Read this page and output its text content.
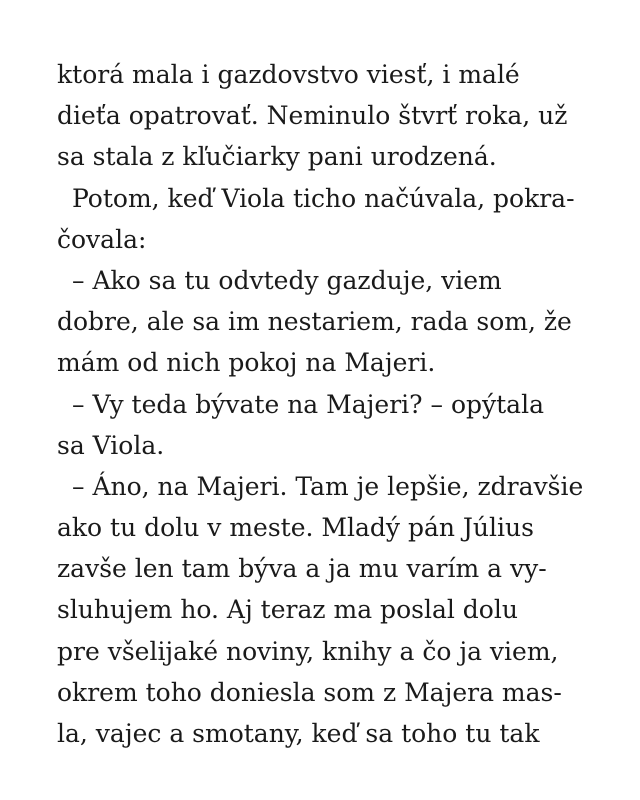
ktorá mala i gazdovstvo viesť, i malé
dieťa opatrovať. Neminulo štvrť roka, už
sa stala z kľučiarky pani urodzená.
Potom, keď Viola ticho načúvala, pokra-
čovala:
– Ako sa tu odvtedy gazduje, viem
dobre, ale sa im nestariem, rada som, že
mám od nich pokoj na Majeri.
– Vy teda bývate na Majeri? – opýtala
sa Viola.
– Áno, na Majeri. Tam je lepšie, zdravšie
ako tu dolu v meste. Mladý pán Július
zavše len tam býva a ja mu varím a vy-
sluhujem ho. Aj teraz ma poslal dolu
pre všelijaké noviny, knihy a čo ja viem,
okrem toho doniesla som z Majera mas-
la, vajec a smotany, keď sa toho tu tak
